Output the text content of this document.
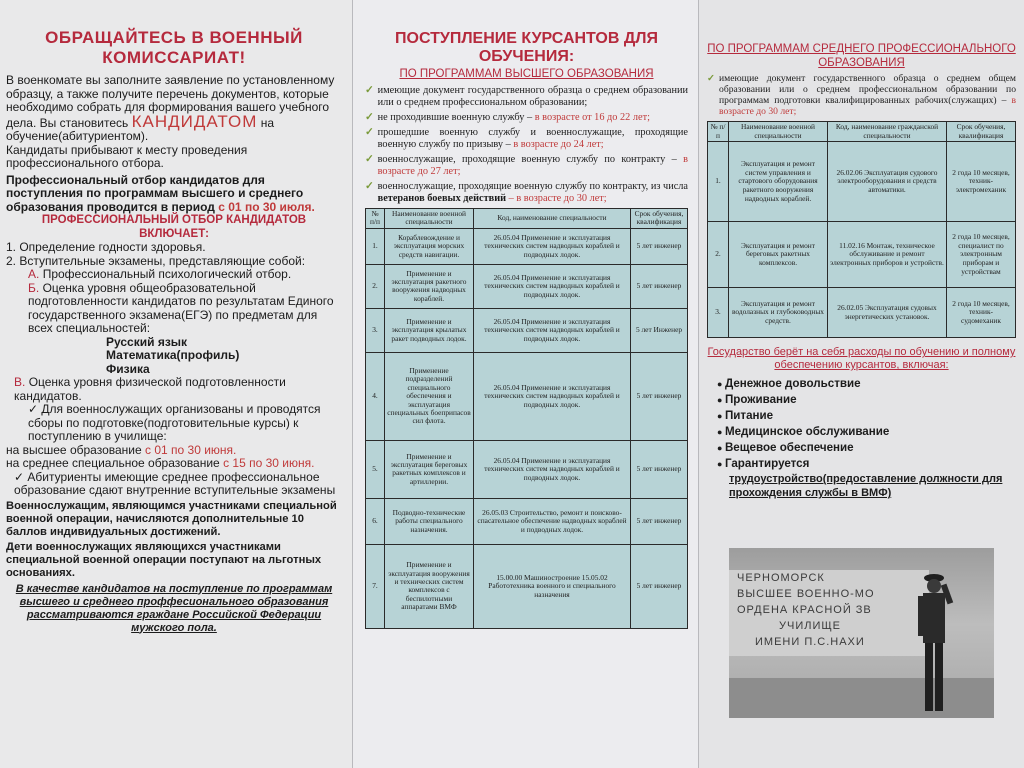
ОБРАЩАЙТЕСЬ В ВОЕННЫЙ КОМИССАРИАТ!
В военкомате вы заполните заявление по установленному образцу, а также получите перечень документов, которые необходимо собрать для формирования вашего учебного дела. Вы становитесь КАНДИДАТОМ на обучение(абитуриентом).
Кандидаты прибывают к месту проведения профессионального отбора.
Профессиональный отбор кандидатов для поступления по программам высшего и среднего образования проводится в период с 01 по 30 июля.
ПРОФЕССИОНАЛЬНЫЙ ОТБОР КАНДИДАТОВ ВКЛЮЧАЕТ:
1. Определение годности здоровья.
2. Вступительные экзамены, представляющие собой:
А. Профессиональный психологический отбор.
Б. Оценка уровня общеобразовательной подготовленности кандидатов по результатам Единого государственного экзамена(ЕГЭ) по предметам для всех специальностей:
Русский язык
Математика(профиль)
Физика
В. Оценка уровня физической подготовленности кандидатов.
✓ Для военнослужащих организованы и проводятся сборы по подготовке(подготовительные курсы) к поступлению в училище:
на высшее образование с 01 по 30 июня.
на среднее специальное образование с 15 по 30 июня.
✓ Абитуриенты имеющие среднее профессиональное образование сдают внутренние вступительные экзамены
Военнослужащим, являющимся участниками специальной военной операции, начисляются дополнительные 10 баллов индивидуальных достижений.
Дети военнослужащих являющихся участниками специальной военной операции поступают на льготных основаниях.
В качестве кандидатов на поступление по программам высшего и среднего проффесионального образования рассматриваются граждане Российской Федерации мужского пола.
ПОСТУПЛЕНИЕ КУРСАНТОВ ДЛЯ ОБУЧЕНИЯ:
ПО ПРОГРАММАМ ВЫСШЕГО ОБРАЗОВАНИЯ
✓ имеющие документ государственного образца о среднем образовании или о среднем профессиональном образовании;
✓ не проходившие военную службу – в возрасте от 16 до 22 лет;
✓ прошедшие военную службу и военнослужащие, проходящие военную службу по призыву – в возрасте до 24 лет;
✓ военнослужащие, проходящие военную службу по контракту – в возрасте до 27 лет;
✓ военнослужащие, проходящие военную службу по контракту, из числа ветеранов боевых действий – в возрасте до 30 лет;
№ п/п	Наименование военной специальности	Код, наименование специальности	Срок обучения, квалификация
1.	Кораблевождение и эксплуатация морских средств навигации.	26.05.04 Применение и эксплуатация технических систем надводных кораблей и подводных лодок.	5 лет инженер
2.	Применение и эксплуатация ракетного вооружения надводных кораблей.	26.05.04 Применение и эксплуатация технических систем надводных кораблей и подводных лодок.	5 лет инженер
3.	Применение и эксплуатация крылатых ракет подводных лодок.	26.05.04 Применение и эксплуатация технических систем надводных кораблей и подводных лодок.	5 лет Инженер
4.	Применение подразделений специального обеспечения и эксплуатация специальных боеприпасов сил флота.	26.05.04 Применение и эксплуатация технических систем надводных кораблей и подводных лодок.	5 лет инженер
5.	Применение и эксплуатация береговых ракетных комплексов и артиллерии.	26.05.04 Применение и эксплуатация технических систем надводных кораблей и подводных лодок.	5 лет инженер
6.	Подводно-технические работы специального назначения.	26.05.03 Строительство, ремонт и поисково-спасательное обеспечение надводных кораблей и подводных лодок.	5 лет инженер
7.	Применение и эксплуатация вооружения и технических систем комплексов с беспилотными аппаратами ВМФ	15.00.00 Машиностроение 15.05.02 Работотехника военного и специального назначения	5 лет инженер
ПО ПРОГРАММАМ СРЕДНЕГО ПРОФЕССИОНАЛЬНОГО ОБРАЗОВАНИЯ
✓ имеющие документ государственного образца о среднем общем образовании или о среднем профессиональном образовании по программам подготовки квалифицированных рабочих(служащих) – в возрасте до 30 лет;
№ п/п	Наименование военной специальности	Код, наименование гражданской специальности	Срок обучения, квалификация
1.	Эксплуатация и ремонт систем управления и стартового оборудования ракетного вооружения надводных кораблей.	26.02.06 Эксплуатация судового электрооборудования и средств автоматики.	2 года 10 месяцев, техник-электромеханик
2.	Эксплуатация и ремонт береговых ракетных комплексов.	11.02.16 Монтаж, техническое обслуживание и ремонт электронных приборов и устройств.	2 года 10 месяцев, специалист по электронным приборам и устройствам
3.	Эксплуатация и ремонт водолазных и глубоководных средств.	26.02.05 Эксплуатация судовых энергетических установок.	2 года 10 месяцев, техник-судомеханик
Государство берёт на себя расходы по обучению и полному обеспечению курсантов, включая:
● Денежное довольствие
● Проживание
● Питание
● Медицинское обслуживание
● Вещевое обеспечение
● Гарантируется
трудоустройство(предоставление должности для прохождения службы в ВМФ)
ЧЕРНОМОРСК
ВЫСШЕЕ ВОЕННО-МО
ОРДЕНА КРАСНОЙ ЗВ
УЧИЛИЩЕ
ИМЕНИ П.С.НАХИ
